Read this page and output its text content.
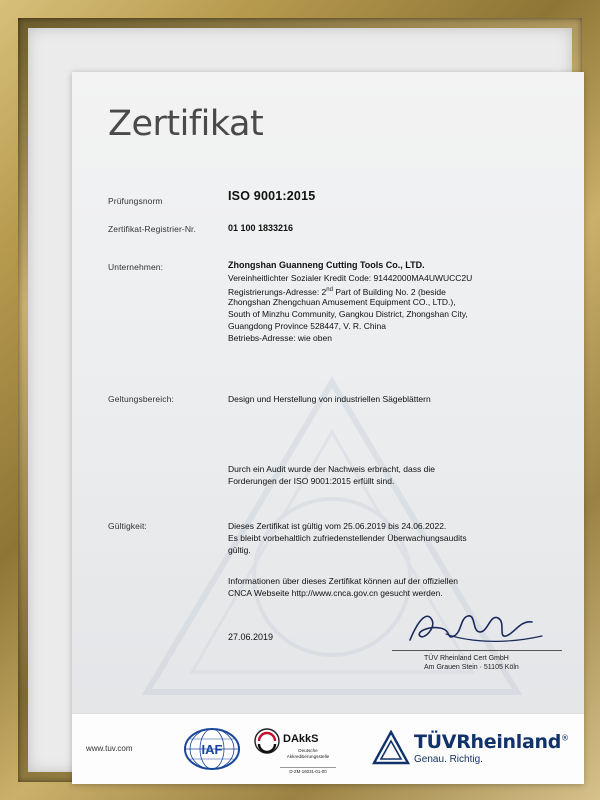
Zertifikat
Prüfungsnorm	ISO 9001:2015
Zertifikat-Registrier-Nr.	01 100 1833216
Unternehmen:	Zhongshan Guanneng Cutting Tools Co., LTD.
Vereinheitlichter Sozialer Kredit Code: 91442000MA4UWUCC2U
Registrierungs-Adresse: 2nd Part of Building No. 2 (beside
Zhongshan Zhengchuan Amusement Equipment CO., LTD.),
South of Minzhu Community, Gangkou District, Zhongshan City,
Guangdong Province 528447, V. R. China
Betriebs-Adresse: wie oben
Geltungsbereich:	Design und Herstellung von industriellen Sägeblättern
Durch ein Audit wurde der Nachweis erbracht, dass die
Forderungen der ISO 9001:2015 erfüllt sind.
Gültigkeit:	Dieses Zertifikat ist gültig vom 25.06.2019 bis 24.06.2022.
Es bleibt vorbehaltlich zufriedenstellender Überwachungsaudits
gültig.
Informationen über dieses Zertifikat können auf der offiziellen
CNCA Webseite http://www.cnca.gov.cn gesucht werden.
27.06.2019
TÜV Rheinland Cert GmbH
Am Grauen Stein · 51105 Köln
www.tuv.com	IAF
DAkkS
Deutsche Akkreditierungsstelle
D-ZM-16031-01-00
TÜVRheinland®
Genau. Richtig.
